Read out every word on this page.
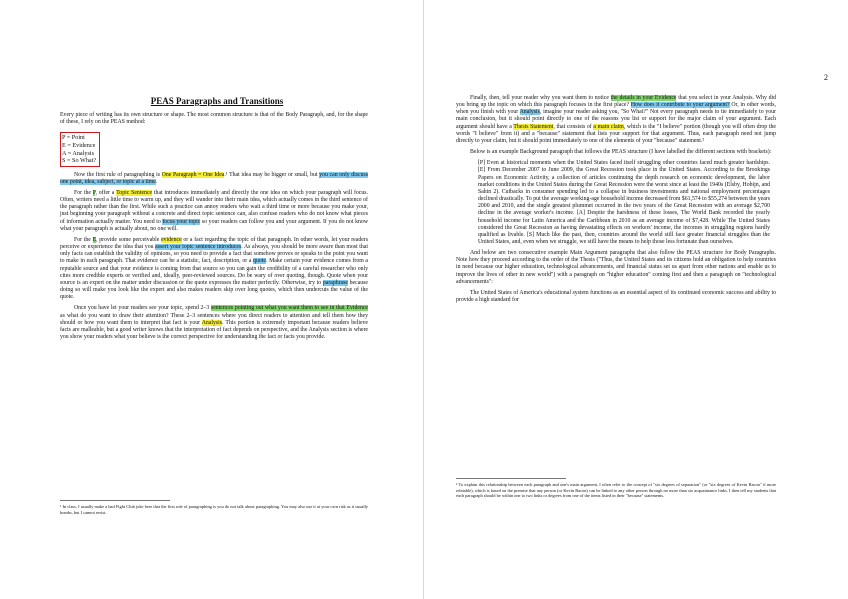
PEAS Paragraphs and Transitions

Every piece of writing has its own structure or shape. The most common structure is that of the Body Paragraph, and, for the shape of these, I rely on the PEAS method:

P = Point
E = Evidence
A = Analysis
S = So What?

Now the first rule of paragraphing is One Paragraph = One Idea.¹ That idea may be bigger or small, but you can only discuss one point, idea, subject, or topic at a time.

For the P, offer a Topic Sentence that introduces immediately and directly the one idea on which your paragraph will focus. Often, writers need a little time to warm up, and they will wander into their main idea, which actually comes in the third sentence of the paragraph rather than the first. While such a practice can annoy readers who wait a third time or more because you make your, just beginning your paragraph without a concrete and direct topic sentence can, also confuse readers who do not know what pieces of information actually matter. You need to focus your topic so your readers can follow you and your argument. If you do not know what your paragraph is actually about, no one will.

For the E, provide some perceivable evidence or a fact regarding the topic of that paragraph. In other words, let your readers perceive or experience the idea that you assert your topic sentence introduces. As always, you should be more aware than most that only facts can establish the validity of opinions, so you need to provide a fact that somehow proves or speaks to the point you want to make in each paragraph. That evidence can be a statistic, fact, description, or a quote. Make certain your evidence comes from a reputable source and that your evidence is coming from that source so you can gain the credibility of a careful researcher who only cites more credible experts or verified and, ideally, peer-reviewed sources. Do be wary of over quoting, though. Quote when your source is an expert on the matter under discussion or the quote expresses the matter perfectly. Otherwise, try to paraphrase because doing so will make you look like the expert and also makes readers skip over long quotes, which then undercuts the value of the quote.

Once you have let your readers see your topic, spend 2–3 sentences pointing out what you want them to see in that Evidence as what do you want to draw their attention? These 2–3 sentences where you direct readers to attention and tell them how they should or how you want them to interpret that fact is your Analysis. This portion is extremely important because readers believe facts are malleable, but a good writer knows that the interpretation of fact depends on perspective, and the Analysis section is where you show your readers what your believe is the correct perspective for understanding the fact or facts you provide.

¹ In class, I usually make a bad Fight Club joke here that the first rule of paragraphing is you do not talk about paragraphing. You may also use it at your own risk as it usually bombs, but I cannot resist.

2

Finally, then, tell your reader why you want them to notice the details in your Evidence that you select in your Analysis. Why did you bring up the topic on which this paragraph focuses in the first place? How does it contribute to your argument? Or, in other words, when you finish with your Analysis, imagine your reader asking you, "So What?" Not every paragraph needs to tie immediately to your main conclusion, but it should point directly to one of the reasons you list or support for the major claim of your argument. Each argument should have a Thesis Statement, that consists of a main claim, which is the "I believe" portion (though you will often drop the words "I believe" from it) and a "because" statement that lists your support for that argument. Thus, each paragraph need not jump directly to your claim, but it should point immediately to one of the elements of your "because" statement.²

Below is an example Background paragraph that follows the PEAS structure (I have labelled the different sections with brackets):

[P] Even at historical moments when the United States faced itself struggling other countries faced much greater hardships. [E] From December 2007 to June 2009, the Great Recession took place in the United States. According to the Brookings Papers on Economic Activity, a collection of articles continuing the depth research on economic development, the labor market conditions in the United States during the Great Recession were the worst since at least the 1940s (Elsby, Hobijn, and Sahin 2). Cutbacks in consumer spending led to a collapse in business investments and national employment percentages declined drastically. To put the average working-age household income decreased from $61,574 to $55,274 between the years 2000 and 2010, and the single greatest plummet occurred in the two years of the Great Recession with an average $2,700 decline in the average worker's income. [A] Despite the harshness of these losses, The World Bank recorded the yearly household income for Latin America and the Caribbean in 2010 as an average income of $7,428. While The United States considered the Great Recession as having devastating effects on workers' income, the incomes in struggling regions hardly qualified as livable. [S] Much like the past, then, countries around the world still face greater financial struggles than the United States, and, even when we struggle, we still have the means to help those less fortunate than ourselves.

And below are two consecutive example Main Argument paragraphs that also follow the PEAS structure for Body Paragraphs. Note how they proceed according to the order of the Thesis ("Thus, the United States and its citizens hold an obligation to help countries in need because our higher education, technological advancements, and financial status set us apart from other nations and enable us to improve the lives of other in new world") with a paragraph on "higher education" coming first and then a paragraph on "technological advancements":

The United States of America's educational system functions as an essential aspect of its continued economic success and ability to provide a high standard for

² To explain this relationship between each paragraph and one's main argument, I often refer to the concept of "six degrees of separation" (or "six degrees of Kevin Bacon" if more relatable), which is based on the premise that any person (or Kevin Bacon) can be linked to any other person through no more than six acquaintance links. I then tell my students that each paragraph should be within one to two links or degrees from one of the items listed in their "because" statements.
